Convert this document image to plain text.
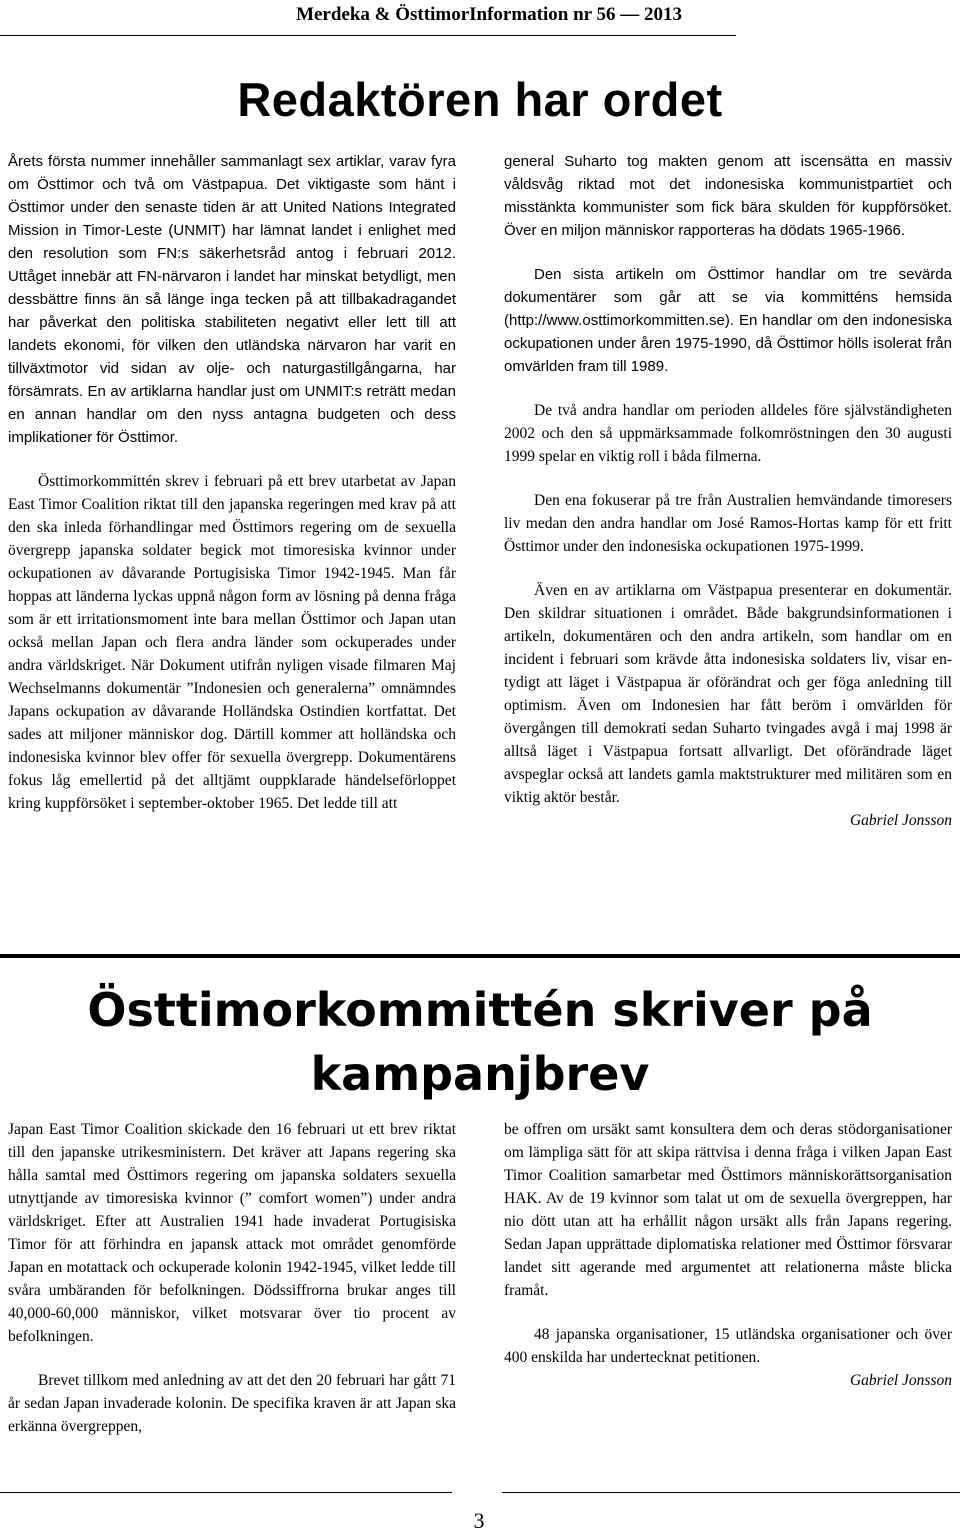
Merdeka & ÖsttimorInformation nr 56 — 2013
Redaktören har ordet

Årets första nummer innehåller sammanlagt sex artiklar, varav fyra om Östtimor och två om Västpapua. Det viktigaste som hänt i Östtimor under den senaste tiden är att United Nations Integrated Mission in Timor-Leste (UNMIT) har lämnat landet i enlighet med den resolution som FN:s säkerhetsråd antog i februari 2012. Uttåget innebär att FN-närvaron i landet har minskat betydligt, men dessbättre finns än så länge inga tecken på att tillbakadragandet har påverkat den politiska stabiliteten negativt eller lett till att landets ekonomi, för vilken den utländska närvaron har varit en tillväxtmotor vid sidan av olje- och naturgastillgångarna, har försämrats. En av artiklarna handlar just om UNMIT:s reträtt medan en annan handlar om den nyss antagna budgeten och dess implikationer för Östtimor.

Östtimorkommittén skrev i februari på ett brev utarbetat av Japan East Timor Coalition riktat till den japanska regeringen med krav på att den ska inleda förhandlingar med Östtimors regering om de sexuella övergrepp japanska soldater begick mot timoresiska kvinnor under ockupationen av dåvarande Portugisiska Timor 1942-1945. Man får hoppas att länderna lyckas uppnå någon form av lösning på denna fråga som är ett irritationsmoment inte bara mellan Östtimor och Japan utan också mellan Japan och flera andra länder som ockuperades under andra världskriget. När Dokument utifrån nyligen visade filmaren Maj Wechselmanns dokumentär ”Indonesien och generalerna” omnämndes Japans ockupation av dåvarande Holländska Ostindien kortfattat. Det sades att miljoner människor dog. Därtill kommer att holländska och indonesiska kvinnor blev offer för sexuella övergrepp. Dokumentärens fokus låg emellertid på det alltjämt ouppklarade händelseförloppet kring kuppförsöket i september-oktober 1965. Det ledde till att

general Suharto tog makten genom att iscensätta en massiv våldsvåg riktad mot det indonesiska kommunistpartiet och misstänkta kommunister som fick bära skulden för kuppförsöket. Över en miljon människor rapporteras ha dödats 1965-1966.

Den sista artikeln om Östtimor handlar om tre sevärda dokumentärer som går att se via kommitténs hemsida (http://www.osttimorkommitten.se). En handlar om den indonesiska ockupationen under åren 1975-1990, då Östtimor hölls isolerat från omvärlden fram till 1989.

De två andra handlar om perioden alldeles före självständigheten 2002 och den så uppmärksammade folkomröstningen den 30 augusti 1999 spelar en viktig roll i båda filmerna.

Den ena fokuserar på tre från Australien hemvändande timoresers liv medan den andra handlar om José Ramos-Hortas kamp för ett fritt Östtimor under den indonesiska ockupationen 1975-1999.

Även en av artiklarna om Västpapua presenterar en dokumentär. Den skildrar situationen i området. Både bakgrundsinformationen i artikeln, dokumentären och den andra artikeln, som handlar om en incident i februari som krävde åtta indonesiska soldaters liv, visar entydigt att läget i Västpapua är oförändrat och ger föga anledning till optimism. Även om Indonesien har fått beröm i omvärlden för övergången till demokrati sedan Suharto tvingades avgå i maj 1998 är alltså läget i Västpapua fortsatt allvarligt. Det oförändrade läget avspeglar också att landets gamla maktstrukturer med militären som en viktig aktör består.

Gabriel Jonsson

Östtimorkommittén skriver på kampanjbrev

Japan East Timor Coalition skickade den 16 februari ut ett brev riktat till den japanske utrikesministern. Det kräver att Japans regering ska hålla samtal med Östtimors regering om japanska soldaters sexuella utnyttjande av timoresiska kvinnor (” comfort women”) under andra världskriget. Efter att Australien 1941 hade invaderat Portugisiska Timor för att förhindra en japansk attack mot området genomförde Japan en motattack och ockuperade kolonin 1942-1945, vilket ledde till svåra umbäranden för befolkningen. Dödssiffrorna brukar anges till 40,000-60,000 människor, vilket motsvarar över tio procent av befolkningen.

Brevet tillkom med anledning av att det den 20 februari har gått 71 år sedan Japan invaderade kolonin. De specifika kraven är att Japan ska erkänna övergreppen,

be offren om ursäkt samt konsultera dem och deras stödorganisationer om lämpliga sätt för att skipa rättvisa i denna fråga i vilken Japan East Timor Coalition samarbetar med Östtimors människorättsorganisation HAK. Av de 19 kvinnor som talat ut om de sexuella övergreppen, har nio dött utan att ha erhållit någon ursäkt alls från Japans regering. Sedan Japan upprättade diplomatiska relationer med Östtimor försvarar landet sitt agerande med argumentet att relationerna måste blicka framåt.

48 japanska organisationer, 15 utländska organisationer och över 400 enskilda har undertecknat petitionen.

Gabriel Jonsson

3
